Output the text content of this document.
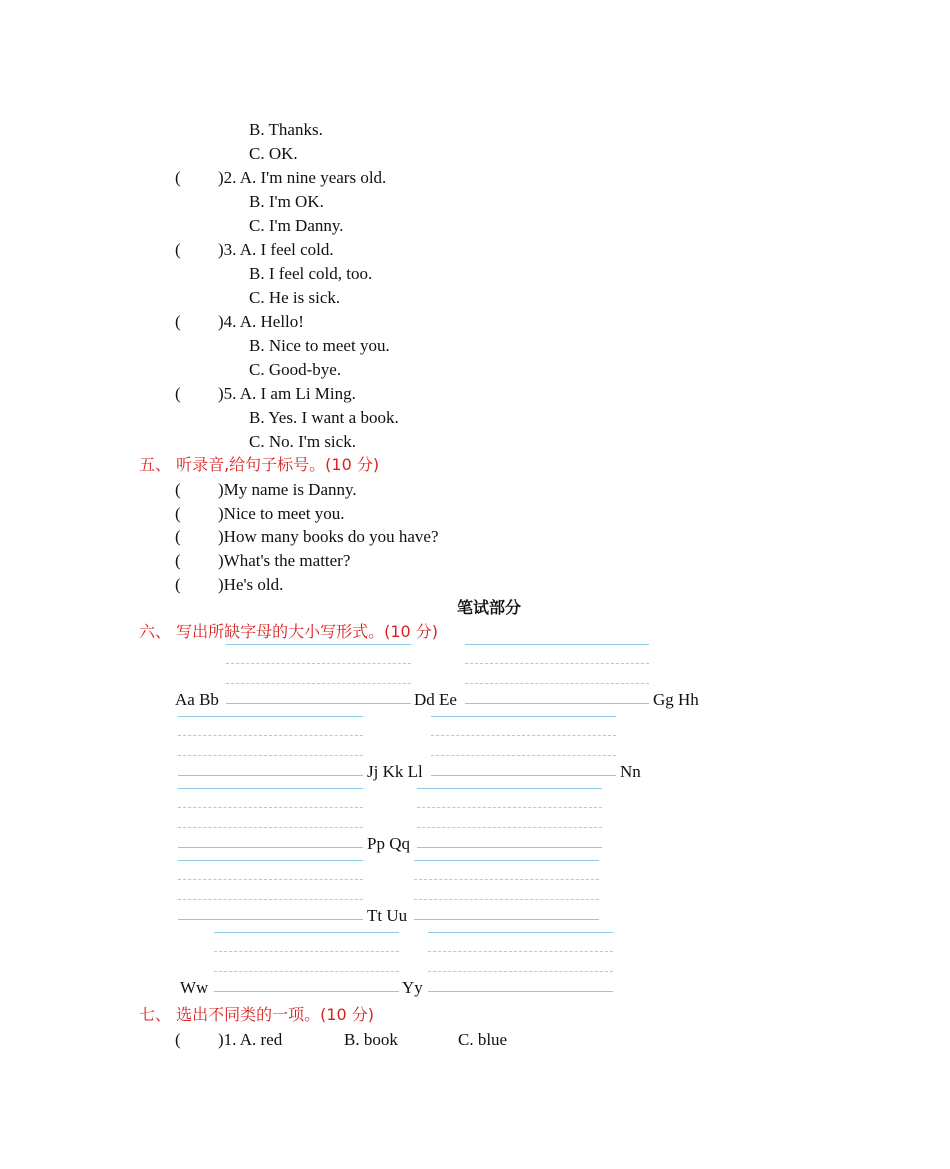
B. Thanks.
C. OK.
( )2. A. I'm nine years old.
B. I'm OK.
C. I'm Danny.
( )3. A. I feel cold.
B. I feel cold, too.
C. He is sick.
( )4. A. Hello!
B. Nice to meet you.
C. Good-bye.
( )5. A. I am Li Ming.
B. Yes. I want a book.
C. No. I'm sick.
五、 听录音,给句子标号。(10 分)
( )My name is Danny.
( )Nice to meet you.
( )How many books do you have?
( )What's the matter?
( )He's old.
笔试部分
六、 写出所缺字母的大小写形式。(10 分)
Aa Bb	Dd Ee	Gg Hh
Jj Kk Ll	Nn
Pp Qq
Tt Uu
Ww	Yy
七、 选出不同类的一项。(10 分)
( )1. A. red	B. book	C. blue
